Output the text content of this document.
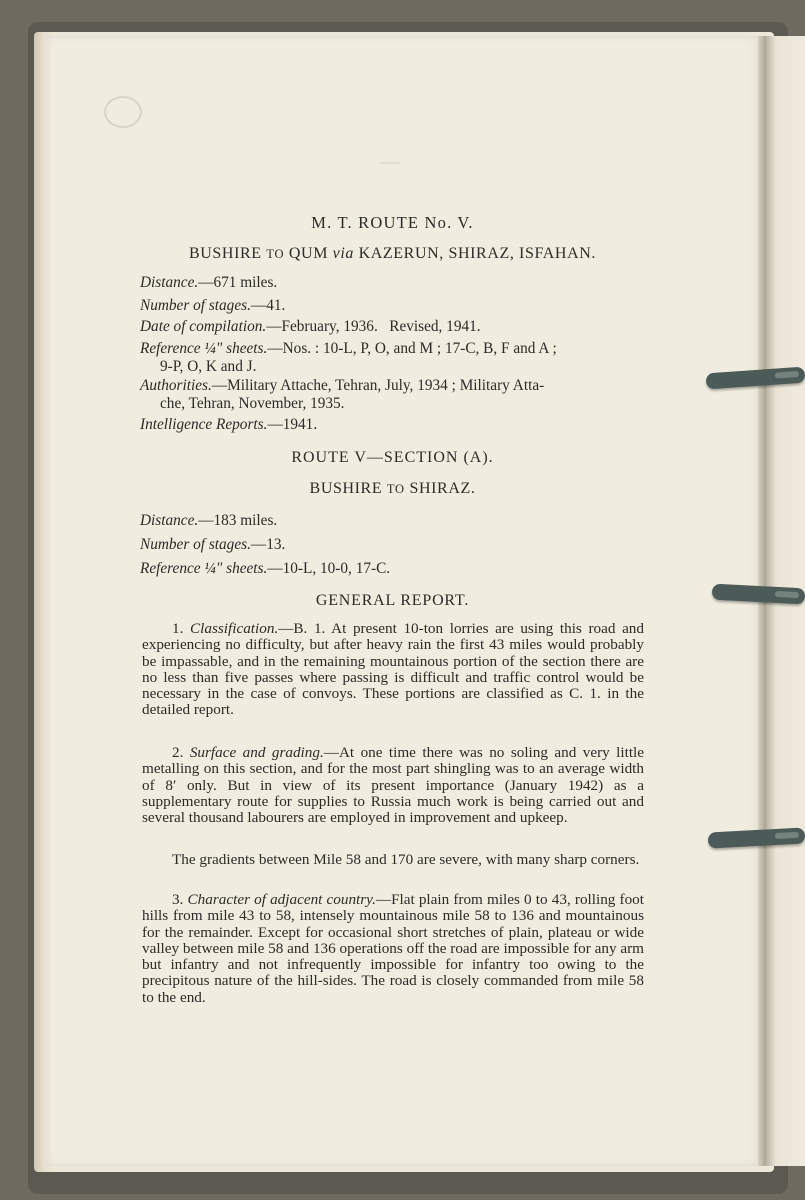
M. T. ROUTE No. V.
BUSHIRE TO QUM via KAZERUN, SHIRAZ, ISFAHAN.
Distance.—671 miles.
Number of stages.—41.
Date of compilation.—February, 1936.   Revised, 1941.
Reference ¼" sheets.—Nos. : 10-L, P, O, and M ; 17-C, B, F and A ;
9-P, O, K and J.
Authorities.—Military Attache, Tehran, July, 1934 ; Military Atta-
che, Tehran, November, 1935.
Intelligence Reports.—1941.
ROUTE V—SECTION (A).
BUSHIRE TO SHIRAZ.
Distance.—183 miles.
Number of stages.—13.
Reference ¼" sheets.—10-L, 10-0, 17-C.
GENERAL REPORT.
1. Classification.—B. 1. At present 10-ton lorries are using this road and experiencing no difficulty, but after heavy rain the first 43 miles would probably be impassable, and in the remaining mountainous portion of the section there are no less than five passes where passing is difficult and traffic control would be necessary in the case of convoys. These portions are classified as C. 1. in the detailed report.
2. Surface and grading.—At one time there was no soling and very little metalling on this section, and for the most part shingling was to an average width of 8′ only. But in view of its present importance (January 1942) as a supplementary route for supplies to Russia much work is being carried out and several thousand labourers are employed in improvement and upkeep.
The gradients between Mile 58 and 170 are severe, with many sharp corners.
3. Character of adjacent country.—Flat plain from miles 0 to 43, rolling foot hills from mile 43 to 58, intensely mountainous mile 58 to 136 and mountainous for the remainder. Except for occasional short stretches of plain, plateau or wide valley between mile 58 and 136 operations off the road are impossible for any arm but infantry and not infrequently impossible for infantry too owing to the precipitous nature of the hill-sides. The road is closely commanded from mile 58 to the end.
